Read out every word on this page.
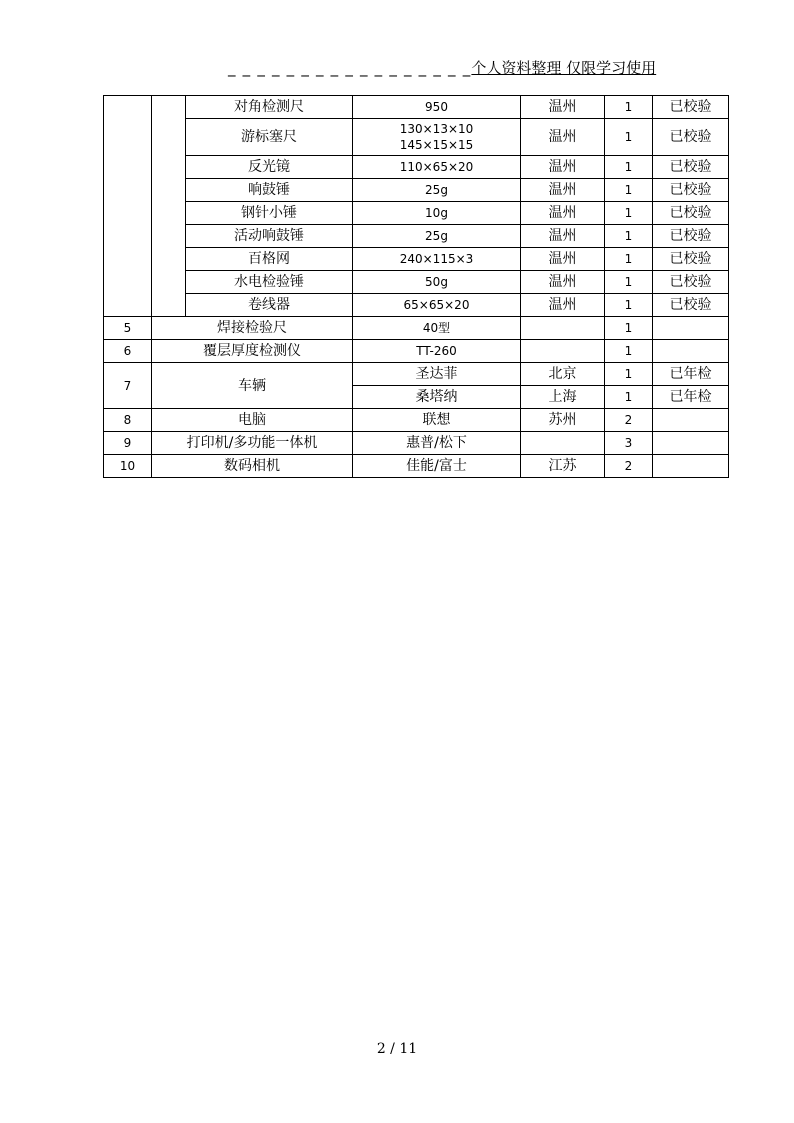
_ _ _ _ _ _ _ _ _ _ _ _ _ _ _ _ _个人资料整理 仅限学习使用
		对角检测尺	950	温州	1	已校验
		游标塞尺	130×13×10
145×15×15	温州	1	已校验
		反光镜	110×65×20	温州	1	已校验
		响鼓锤	25g	温州	1	已校验
		钢针小锤	10g	温州	1	已校验
		活动响鼓锤	25g	温州	1	已校验
		百格网	240×115×3	温州	1	已校验
		水电检验锤	50g	温州	1	已校验
		卷线器	65×65×20	温州	1	已校验
5	焊接检验尺		40型		1	
6	覆层厚度检测仪		TT-260		1	
7	车辆		圣达菲	北京	1	已年检
			桑塔纳	上海	1	已年检
8	电脑		联想	苏州	2	
9	打印机/多功能一体机		惠普/松下		3	
10	数码相机		佳能/富士	江苏	2	
2 / 11
